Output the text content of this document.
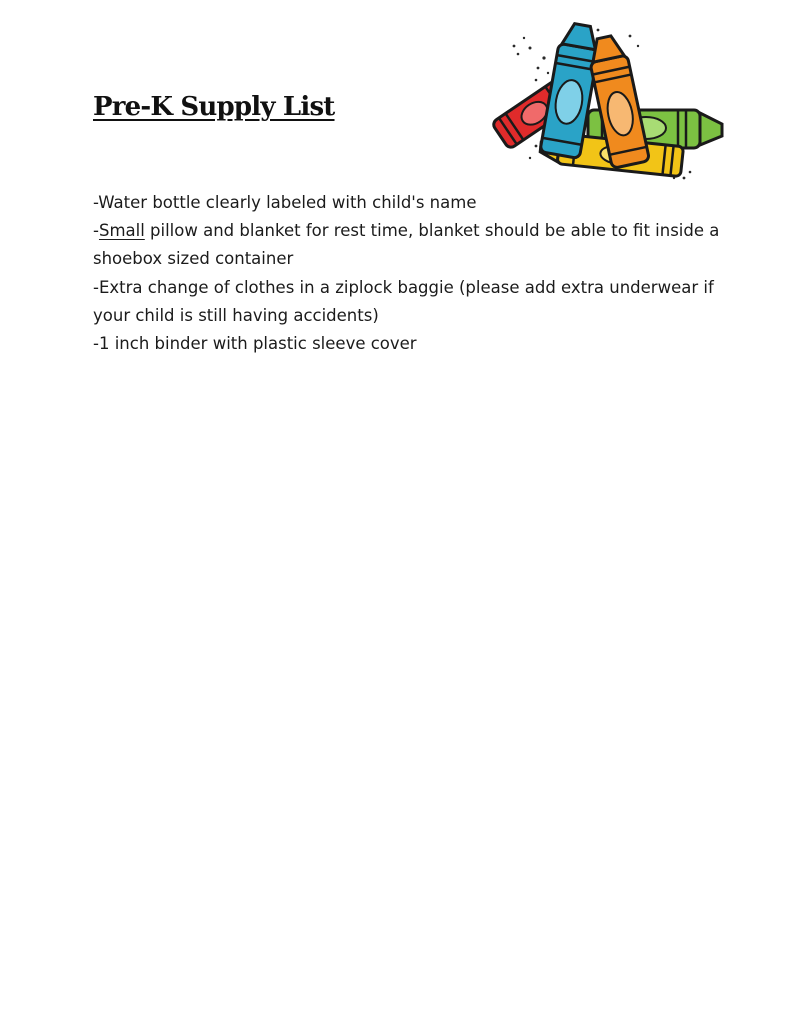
Pre-K Supply List

-Water bottle clearly labeled with child's name

-Small pillow and blanket for rest time, blanket should be able to fit inside a shoebox sized container

-Extra change of clothes in a ziplock baggie (please add extra underwear if your child is still having accidents)

-1 inch binder with plastic sleeve cover
